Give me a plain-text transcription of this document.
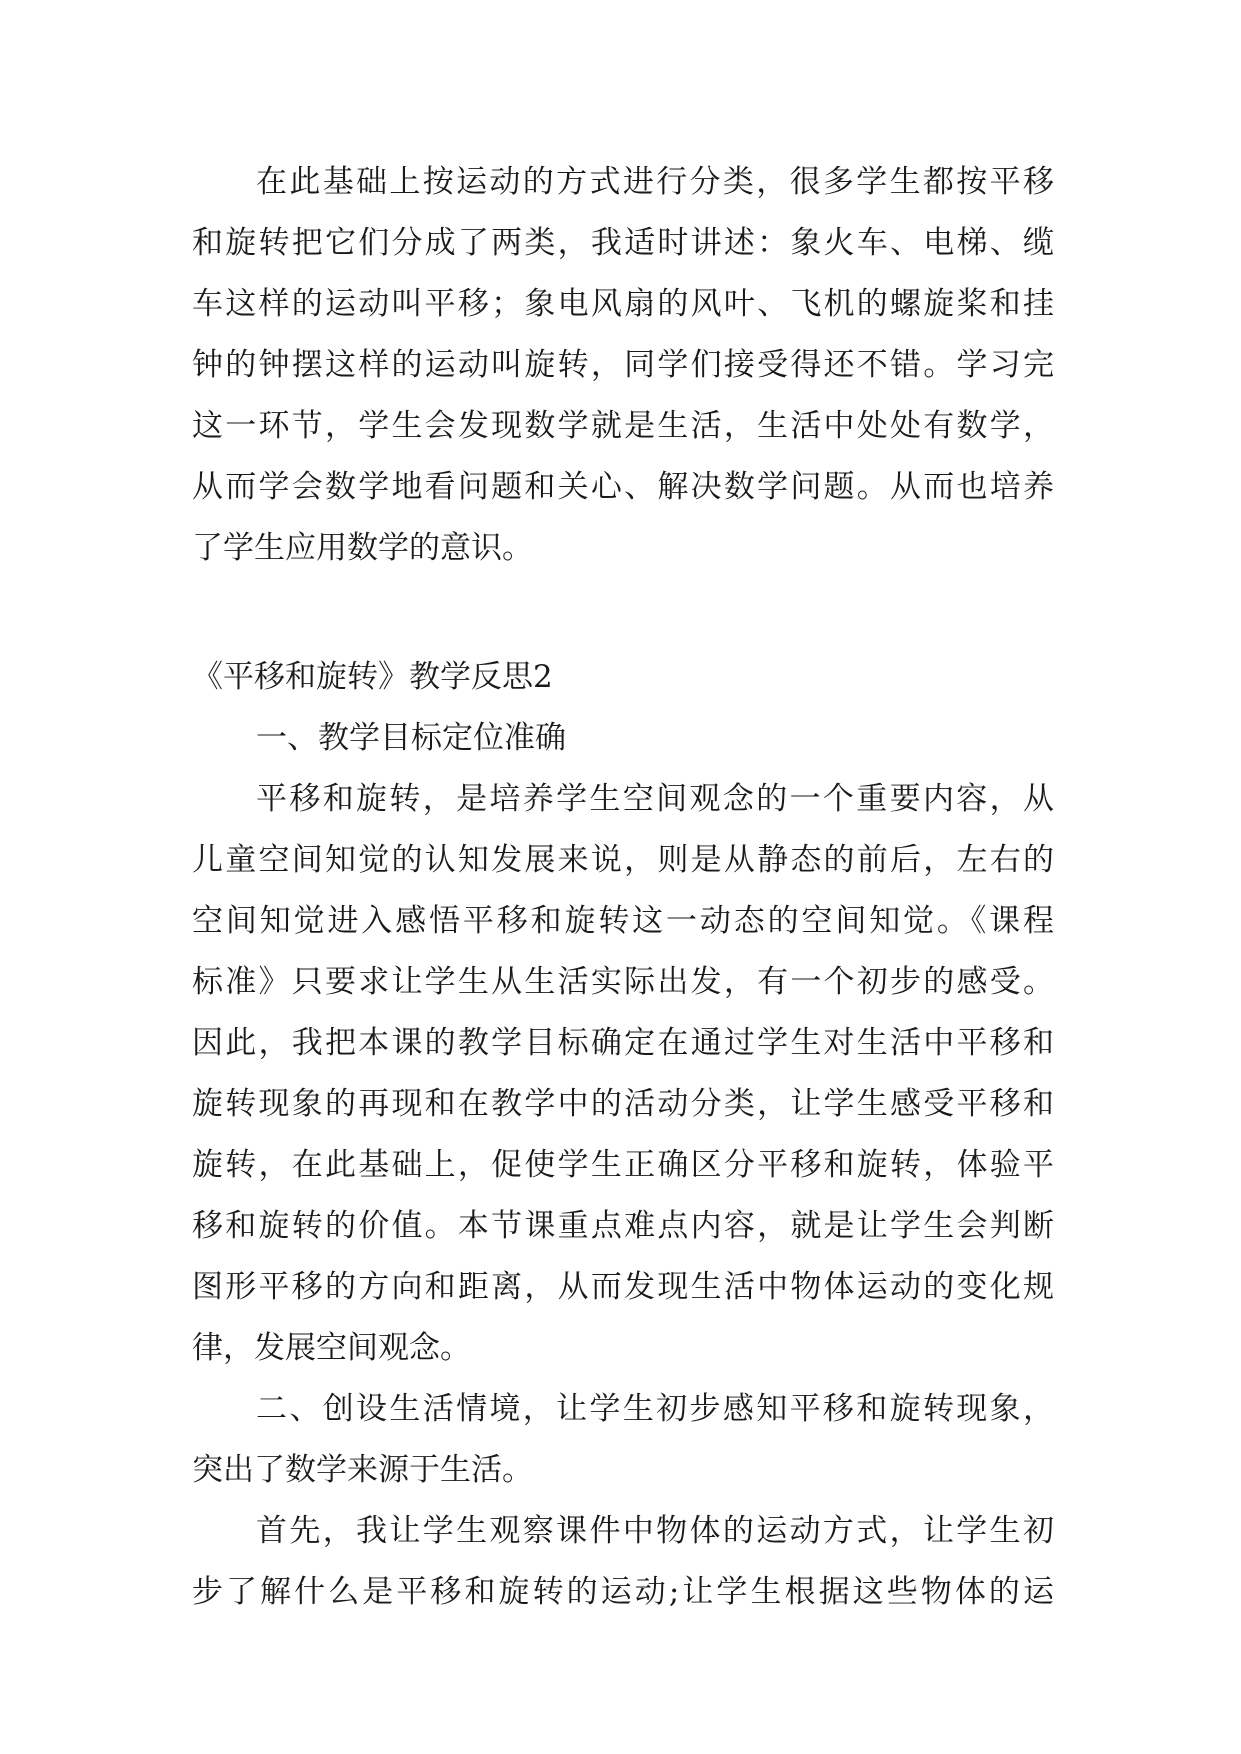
在此基础上按运动的方式进行分类，很多学生都按平移
和旋转把它们分成了两类，我适时讲述：象火车、电梯、缆
车这样的运动叫平移；象电风扇的风叶、飞机的螺旋桨和挂
钟的钟摆这样的运动叫旋转，同学们接受得还不错。学习完
这一环节，学生会发现数学就是生活，生活中处处有数学，
从而学会数学地看问题和关心、解决数学问题。从而也培养
了学生应用数学的意识。
《平移和旋转》教学反思2
一、教学目标定位准确
平移和旋转，是培养学生空间观念的一个重要内容，从
儿童空间知觉的认知发展来说，则是从静态的前后，左右的
空间知觉进入感悟平移和旋转这一动态的空间知觉。《课程
标准》只要求让学生从生活实际出发，有一个初步的感受。
因此，我把本课的教学目标确定在通过学生对生活中平移和
旋转现象的再现和在教学中的活动分类，让学生感受平移和
旋转，在此基础上，促使学生正确区分平移和旋转，体验平
移和旋转的价值。本节课重点难点内容，就是让学生会判断
图形平移的方向和距离，从而发现生活中物体运动的变化规
律，发展空间观念。
二、创设生活情境，让学生初步感知平移和旋转现象，
突出了数学来源于生活。
首先，我让学生观察课件中物体的运动方式，让学生初
步了解什么是平移和旋转的运动;让学生根据这些物体的运
